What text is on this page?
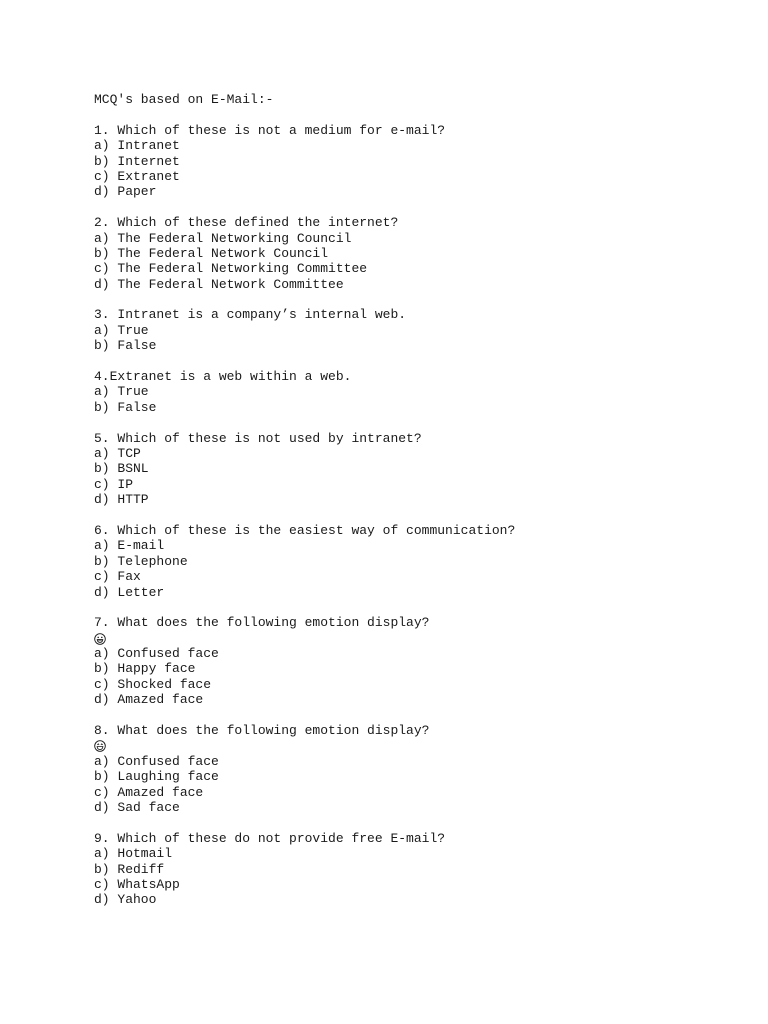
MCQ's based on E-Mail:-
1. Which of these is not a medium for e-mail?
a) Intranet
b) Internet
c) Extranet
d) Paper
2. Which of these defined the internet?
a) The Federal Networking Council
b) The Federal Network Council
c) The Federal Networking Committee
d) The Federal Network Committee
3. Intranet is a company’s internal web.
a) True
b) False
4.Extranet is a web within a web.
a) True
b) False
5. Which of these is not used by intranet?
a) TCP
b) BSNL
c) IP
d) HTTP
6. Which of these is the easiest way of communication?
a) E-mail
b) Telephone
c) Fax
d) Letter
7. What does the following emotion display?

a) Confused face
b) Happy face
c) Shocked face
d) Amazed face
8. What does the following emotion display?

a) Confused face
b) Laughing face
c) Amazed face
d) Sad face
9. Which of these do not provide free E-mail?
a) Hotmail
b) Rediff
c) WhatsApp
d) Yahoo
